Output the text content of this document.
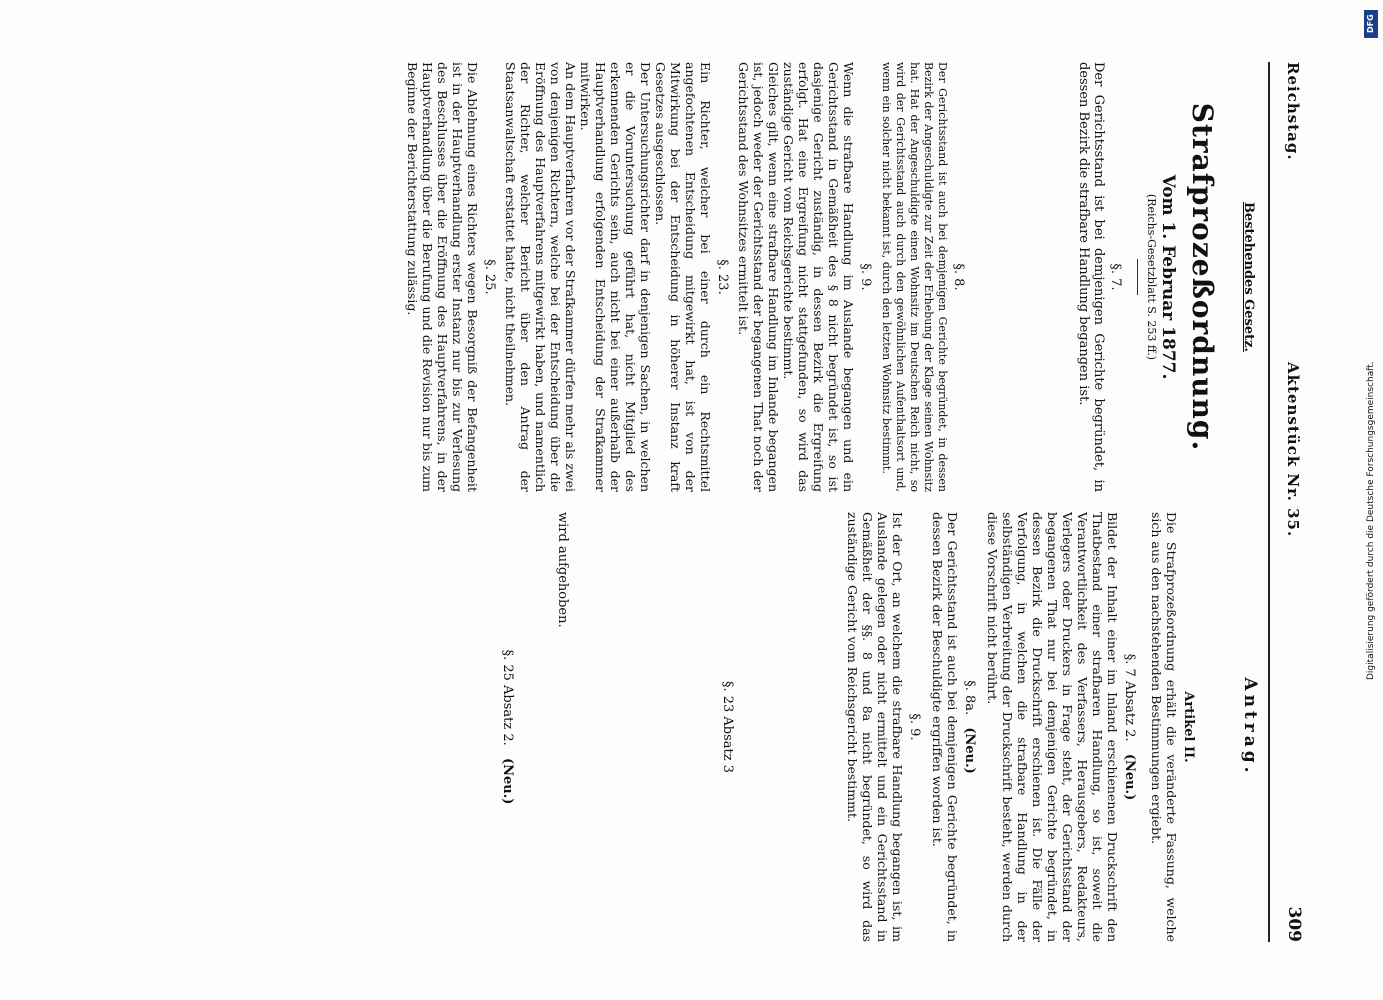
Reichstag.
Aktenstück Nr. 35.
309
Bestehendes Gesetz.
Strafprozeßordnung.
Vom 1. Februar 1877.
(Reichs-Gesetzblatt S. 253 ff.)
§. 7.
Der Gerichtsstand ist bei demjenigen Gerichte begründet, in dessen Bezirk die strafbare Handlung begangen ist.
§. 8.
Der Gerichtsstand ist auch bei demjenigen Gerichte begründet, in dessen Bezirk der Angeschuldigte zur Zeit der Erhebung der Klage seinen Wohnsitz hat. Hat der Angeschuldigte einen Wohnsitz im Deutschen Reich nicht, so wird der Gerichtsstand auch durch den gewöhnlichen Aufenthaltsort und, wenn ein solcher nicht bekannt ist, durch den letzten Wohnsitz bestimmt.
§. 9.
Wenn die strafbare Handlung im Auslande begangen und ein Gerichtsstand in Gemäßheit des § 8 nicht begründet ist, so ist dasjenige Gericht zuständig, in dessen Bezirk die Ergreifung erfolgt. Hat eine Ergreifung nicht stattgefunden, so wird das zuständige Gericht vom Reichsgerichte bestimmt.
Gleiches gilt, wenn eine strafbare Handlung im Inlande begangen ist, jedoch weder der Gerichtsstand der begangenen That noch der Gerichtsstand des Wohnsitzes ermittelt ist.
§. 23.
Ein Richter, welcher bei einer durch ein Rechtsmittel angefochtenen Entscheidung mitgewirkt hat, ist von der Mitwirkung bei der Entscheidung in höherer Instanz kraft Gesetzes ausgeschlossen.
Der Untersuchungsrichter darf in denjenigen Sachen, in welchen er die Voruntersuchung geführt hat, nicht Mitglied des erkennenden Gerichts sein, auch nicht bei einer außerhalb der Hauptverhandlung erfolgenden Entscheidung der Strafkammer mitwirken.
An dem Hauptverfahren vor der Strafkammer dürfen mehr als zwei von denjenigen Richtern, welche bei der Entscheidung über die Eröffnung des Hauptverfahrens mitgewirkt haben, und namentlich der Richter, welcher Bericht über den Antrag der Staatsanwaltschaft erstattet hatte, nicht theilnehmen.
§. 25.
Die Ablehnung eines Richters wegen Besorgniß der Befangenheit ist in der Hauptverhandlung erster Instanz nur bis zur Verlesung des Beschlusses über die Eröffnung des Hauptverfahrens, in der Hauptverhandlung über die Berufung und die Revision nur bis zum Beginne der Berichterstattung zulässig.
Antrag.
Artikel II.
Die Strafprozeßordnung erhält die veränderte Fassung, welche sich aus den nachstehenden Bestimmungen ergiebt.
§. 7 Absatz 2. (Neu.)
Bildet der Inhalt einer im Inland erschienenen Druckschrift den Thatbestand einer strafbaren Handlung, so ist, soweit die Verantwortlichkeit des Verfassers, Herausgebers, Redakteurs, Verlegers oder Druckers in Frage steht, der Gerichtsstand der begangenen That nur bei demjenigen Gerichte begründet, in dessen Bezirk die Druckschrift erschienen ist. Die Fälle der Verfolgung, in welchen die strafbare Handlung in der selbständigen Verbreitung der Druckschrift besteht, werden durch diese Vorschrift nicht berührt.
§. 8a. (Neu.)
Der Gerichtsstand ist auch bei demjenigen Gerichte begründet, in dessen Bezirk der Beschuldigte ergriffen worden ist.
§. 9.
Ist der Ort, an welchem die strafbare Handlung begangen ist, im Auslande gelegen oder nicht ermittelt und ein Gerichtsstand in Gemäßheit der §§. 8 und 8a nicht begründet, so wird das zuständige Gericht vom Reichsgericht bestimmt.
§. 23 Absatz 3
wird aufgehoben.
§. 25 Absatz 2. (Neu.)
DFG
Digitalisierung gefördert durch die Deutsche Forschungsgemeinschaft.
